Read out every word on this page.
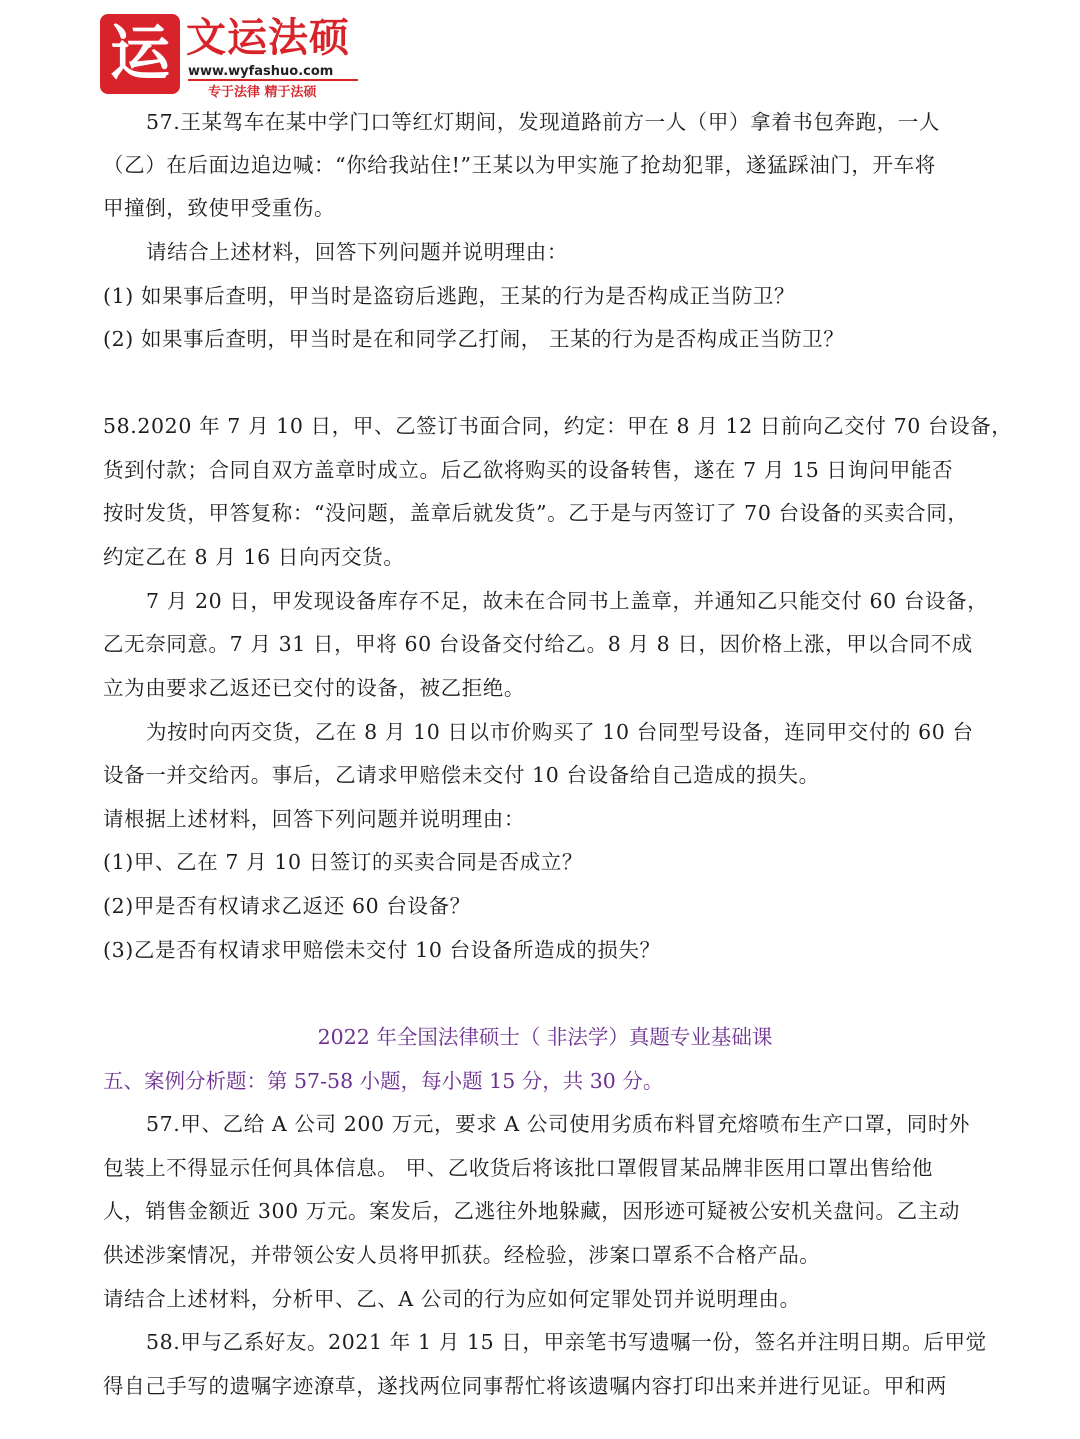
运 文运法硕
www.wyfashuo.com
专于法律 精于法硕
57.王某驾车在某中学门口等红灯期间，发现道路前方一人（甲）拿着书包奔跑，一人
（乙）在后面边追边喊：“你给我站住!”王某以为甲实施了抢劫犯罪，遂猛踩油门，开车将
甲撞倒，致使甲受重伤。
请结合上述材料，回答下列问题并说明理由：
(1) 如果事后查明，甲当时是盗窃后逃跑，王某的行为是否构成正当防卫？
(2) 如果事后查明，甲当时是在和同学乙打闹， 王某的行为是否构成正当防卫？
58.2020 年 7 月 10 日，甲、乙签订书面合同，约定：甲在 8 月 12 日前向乙交付 70 台设备，
货到付款；合同自双方盖章时成立。后乙欲将购买的设备转售，遂在 7 月 15 日询问甲能否
按时发货，甲答复称：“没问题，盖章后就发货”。乙于是与丙签订了 70 台设备的买卖合同，
约定乙在 8 月 16 日向丙交货。
7 月 20 日，甲发现设备库存不足，故未在合同书上盖章，并通知乙只能交付 60 台设备，
乙无奈同意。7 月 31 日，甲将 60 台设备交付给乙。8 月 8 日，因价格上涨，甲以合同不成
立为由要求乙返还已交付的设备，被乙拒绝。
为按时向丙交货，乙在 8 月 10 日以市价购买了 10 台同型号设备，连同甲交付的 60 台
设备一并交给丙。事后，乙请求甲赔偿未交付 10 台设备给自己造成的损失。
请根据上述材料，回答下列问题并说明理由：
(1)甲、乙在 7 月 10 日签订的买卖合同是否成立？
(2)甲是否有权请求乙返还 60 台设备？
(3)乙是否有权请求甲赔偿未交付 10 台设备所造成的损失？
2022 年全国法律硕士（ 非法学）真题专业基础课
五、案例分析题：第 57-58 小题，每小题 15 分，共 30 分。
57.甲、乙给 A 公司 200 万元，要求 A 公司使用劣质布料冒充熔喷布生产口罩，同时外
包装上不得显示任何具体信息。 甲、乙收货后将该批口罩假冒某品牌非医用口罩出售给他
人，销售金额近 300 万元。案发后，乙逃往外地躲藏，因形迹可疑被公安机关盘问。乙主动
供述涉案情况，并带领公安人员将甲抓获。经检验，涉案口罩系不合格产品。
请结合上述材料，分析甲、乙、A 公司的行为应如何定罪处罚并说明理由。
58.甲与乙系好友。2021 年 1 月 15 日，甲亲笔书写遗嘱一份，签名并注明日期。后甲觉
得自己手写的遗嘱字迹潦草，遂找两位同事帮忙将该遗嘱内容打印出来并进行见证。甲和两
